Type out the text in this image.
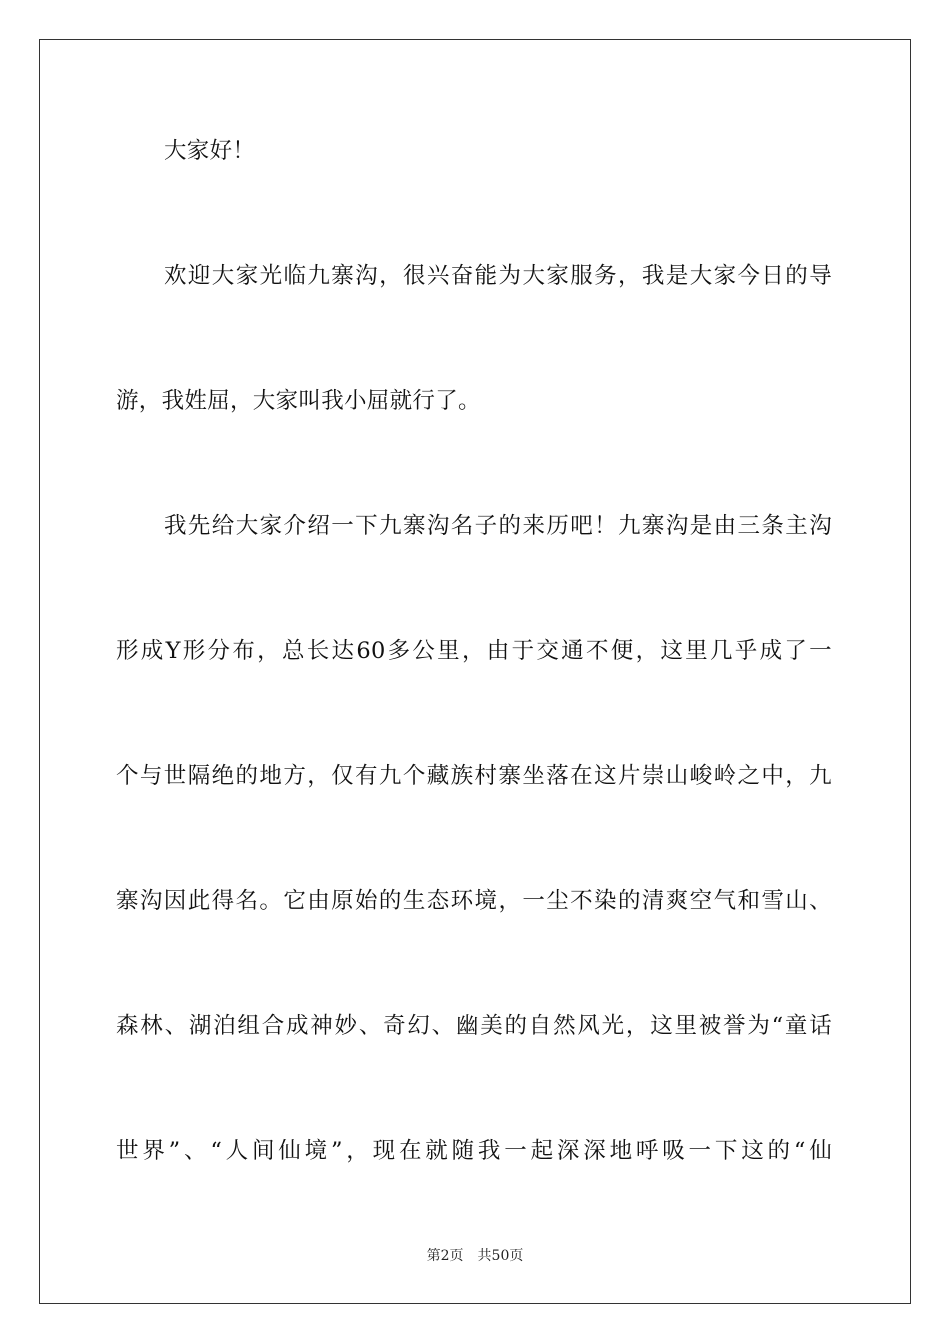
大家好！

欢迎大家光临九寨沟，很兴奋能为大家服务，我是大家今日的导

游，我姓屈，大家叫我小屈就行了。

我先给大家介绍一下九寨沟名子的来历吧！九寨沟是由三条主沟

形成Y形分布，总长达60多公里，由于交通不便，这里几乎成了一

个与世隔绝的地方，仅有九个藏族村寨坐落在这片崇山峻岭之中，九

寨沟因此得名。它由原始的生态环境，一尘不染的清爽空气和雪山、

森林、湖泊组合成神妙、奇幻、幽美的自然风光，这里被誉为“童话

世界”、“人间仙境”，现在就随我一起深深地呼吸一下这的“仙

第2页 共50页
